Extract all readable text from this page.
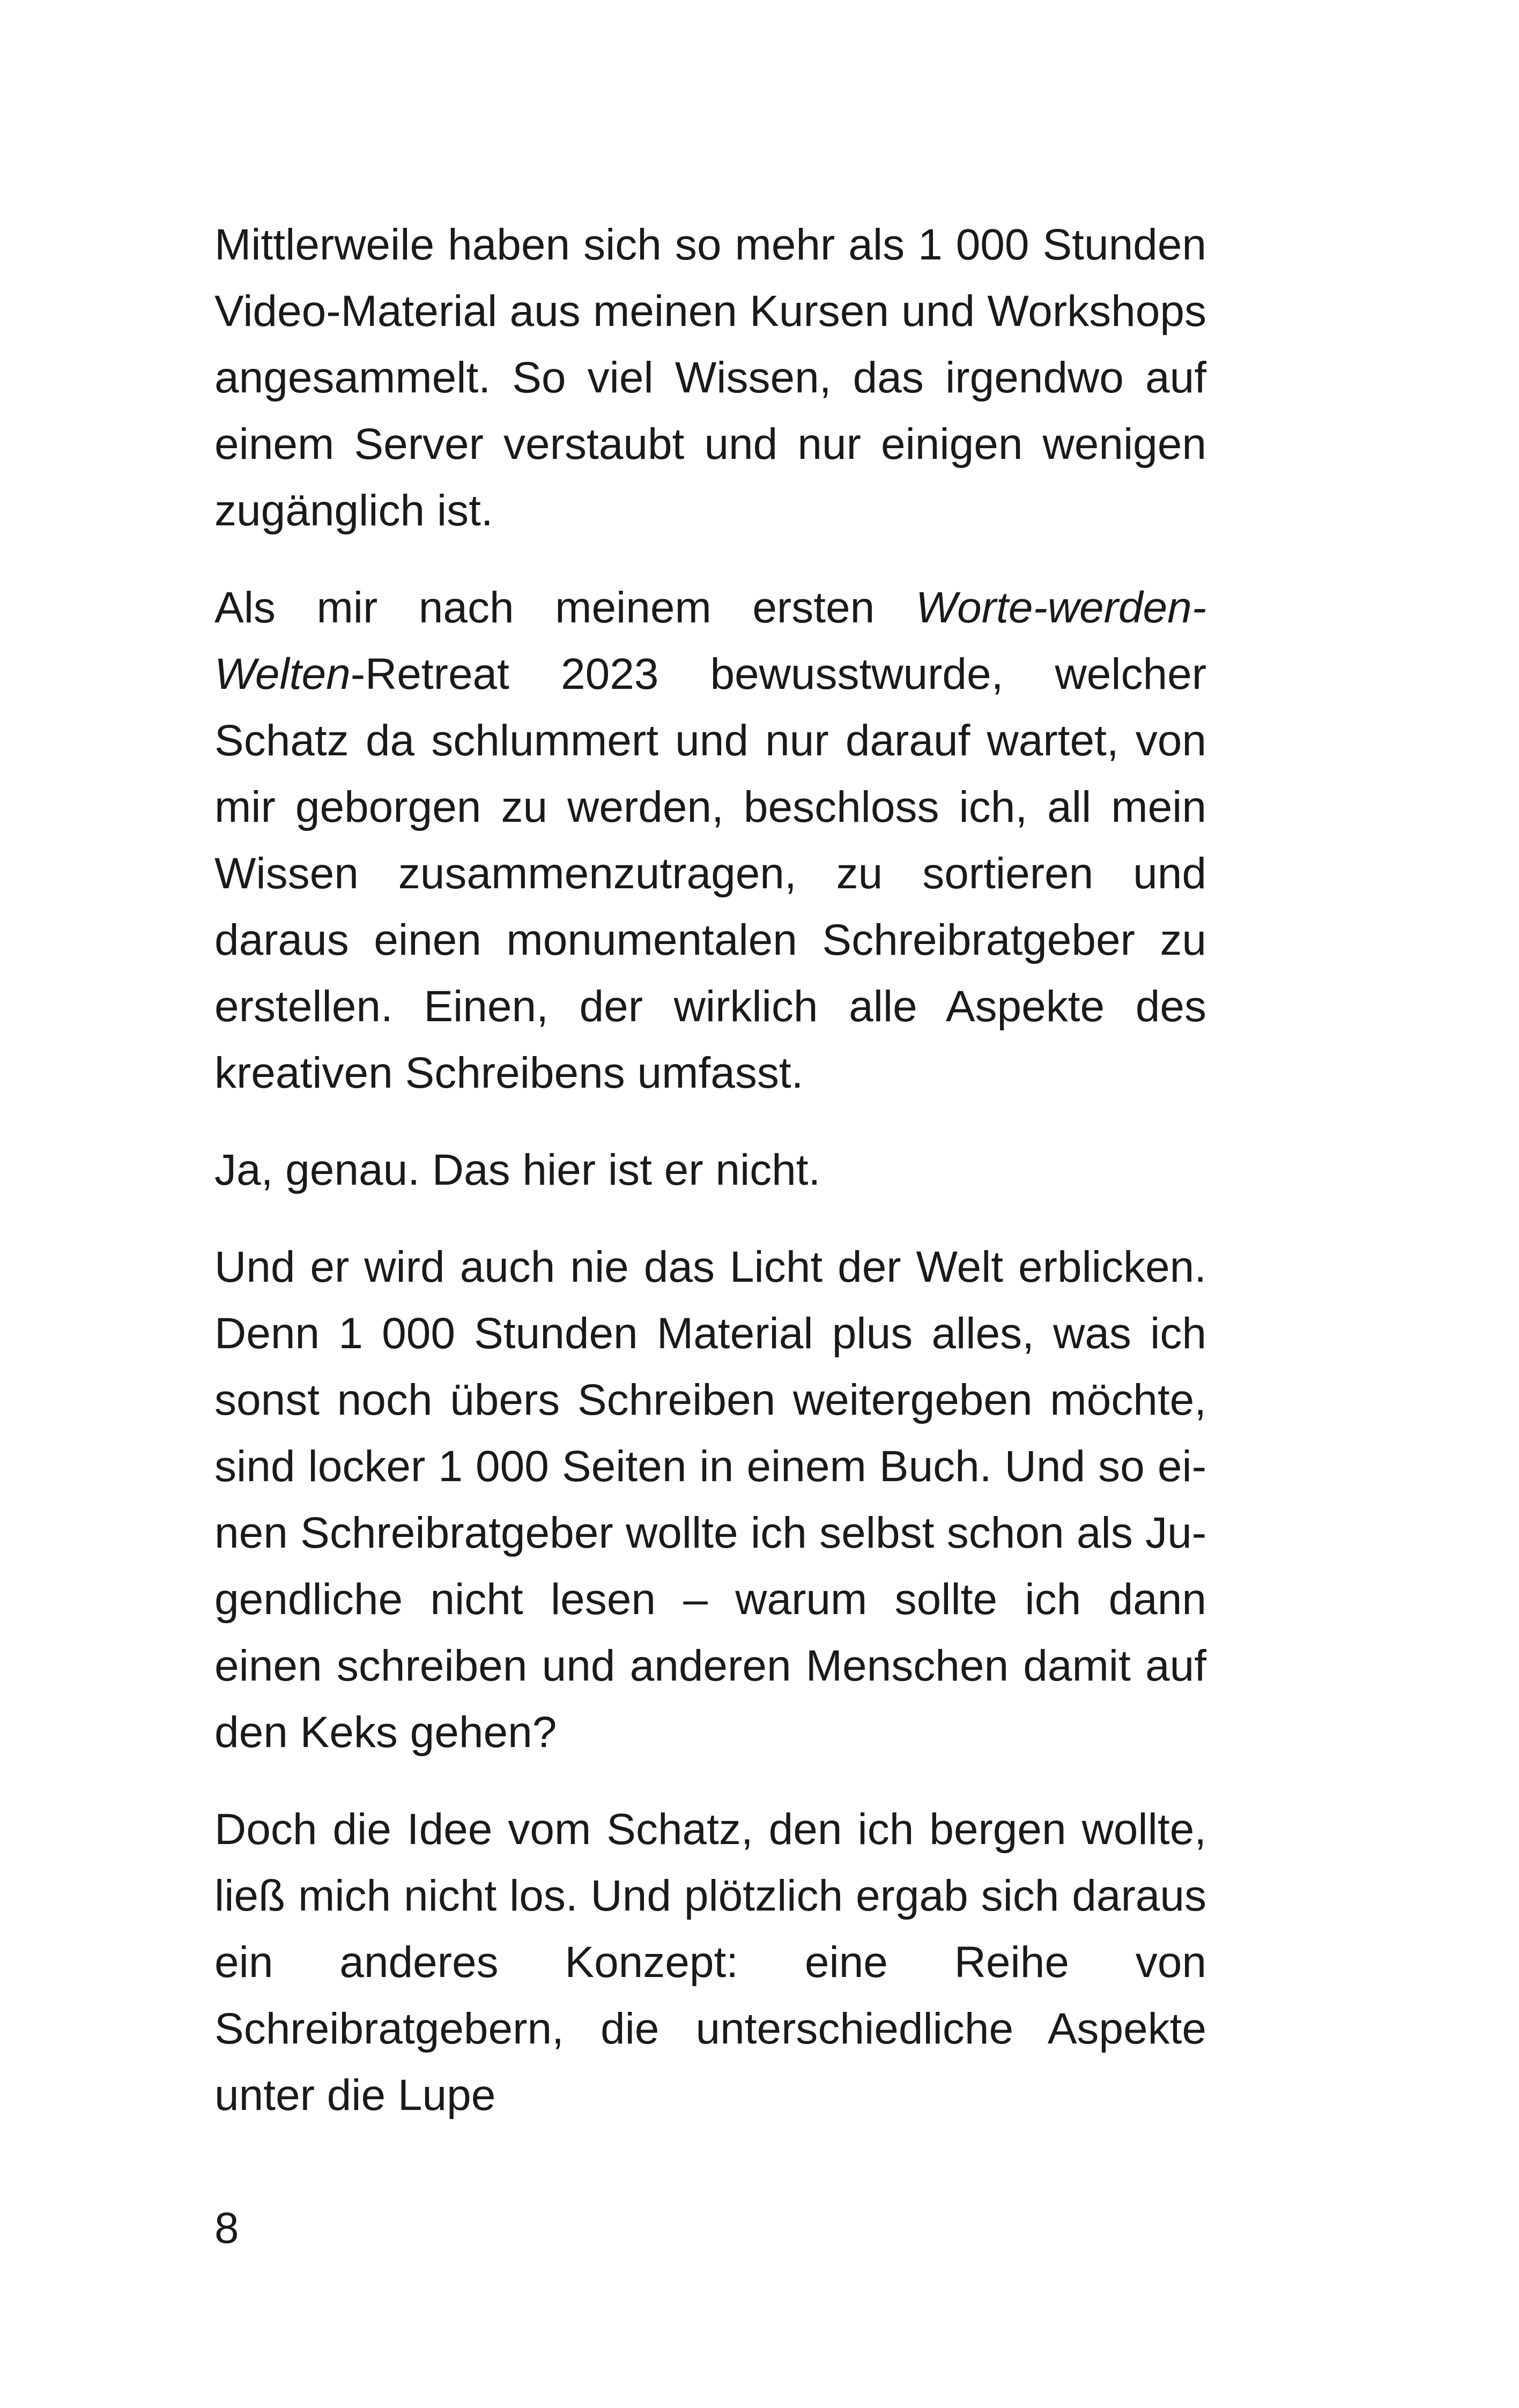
Mittlerweile haben sich so mehr als 1 000 Stunden Video-Material aus meinen Kursen und Workshops angesammelt. So viel Wissen, das irgendwo auf einem Server verstaubt und nur einigen wenigen zugänglich ist.

Als mir nach meinem ersten Worte-werden-Welten-Retreat 2023 bewusstwurde, welcher Schatz da schlummert und nur darauf wartet, von mir geborgen zu werden, beschloss ich, all mein Wissen zusammenzutragen, zu sortieren und daraus einen monumentalen Schreibratgeber zu erstellen. Einen, der wirklich alle Aspekte des kreativen Schreibens umfasst.

Ja, genau. Das hier ist er nicht.

Und er wird auch nie das Licht der Welt erblicken. Denn 1 000 Stunden Material plus alles, was ich sonst noch übers Schreiben weitergeben möchte, sind locker 1 000 Seiten in einem Buch. Und so einen Schreibratgeber wollte ich selbst schon als Jugendliche nicht lesen – warum sollte ich dann einen schreiben und anderen Menschen damit auf den Keks gehen?

Doch die Idee vom Schatz, den ich bergen wollte, ließ mich nicht los. Und plötzlich ergab sich daraus ein anderes Konzept: eine Reihe von Schreibratgebern, die unterschiedliche Aspekte unter die Lupe

8
